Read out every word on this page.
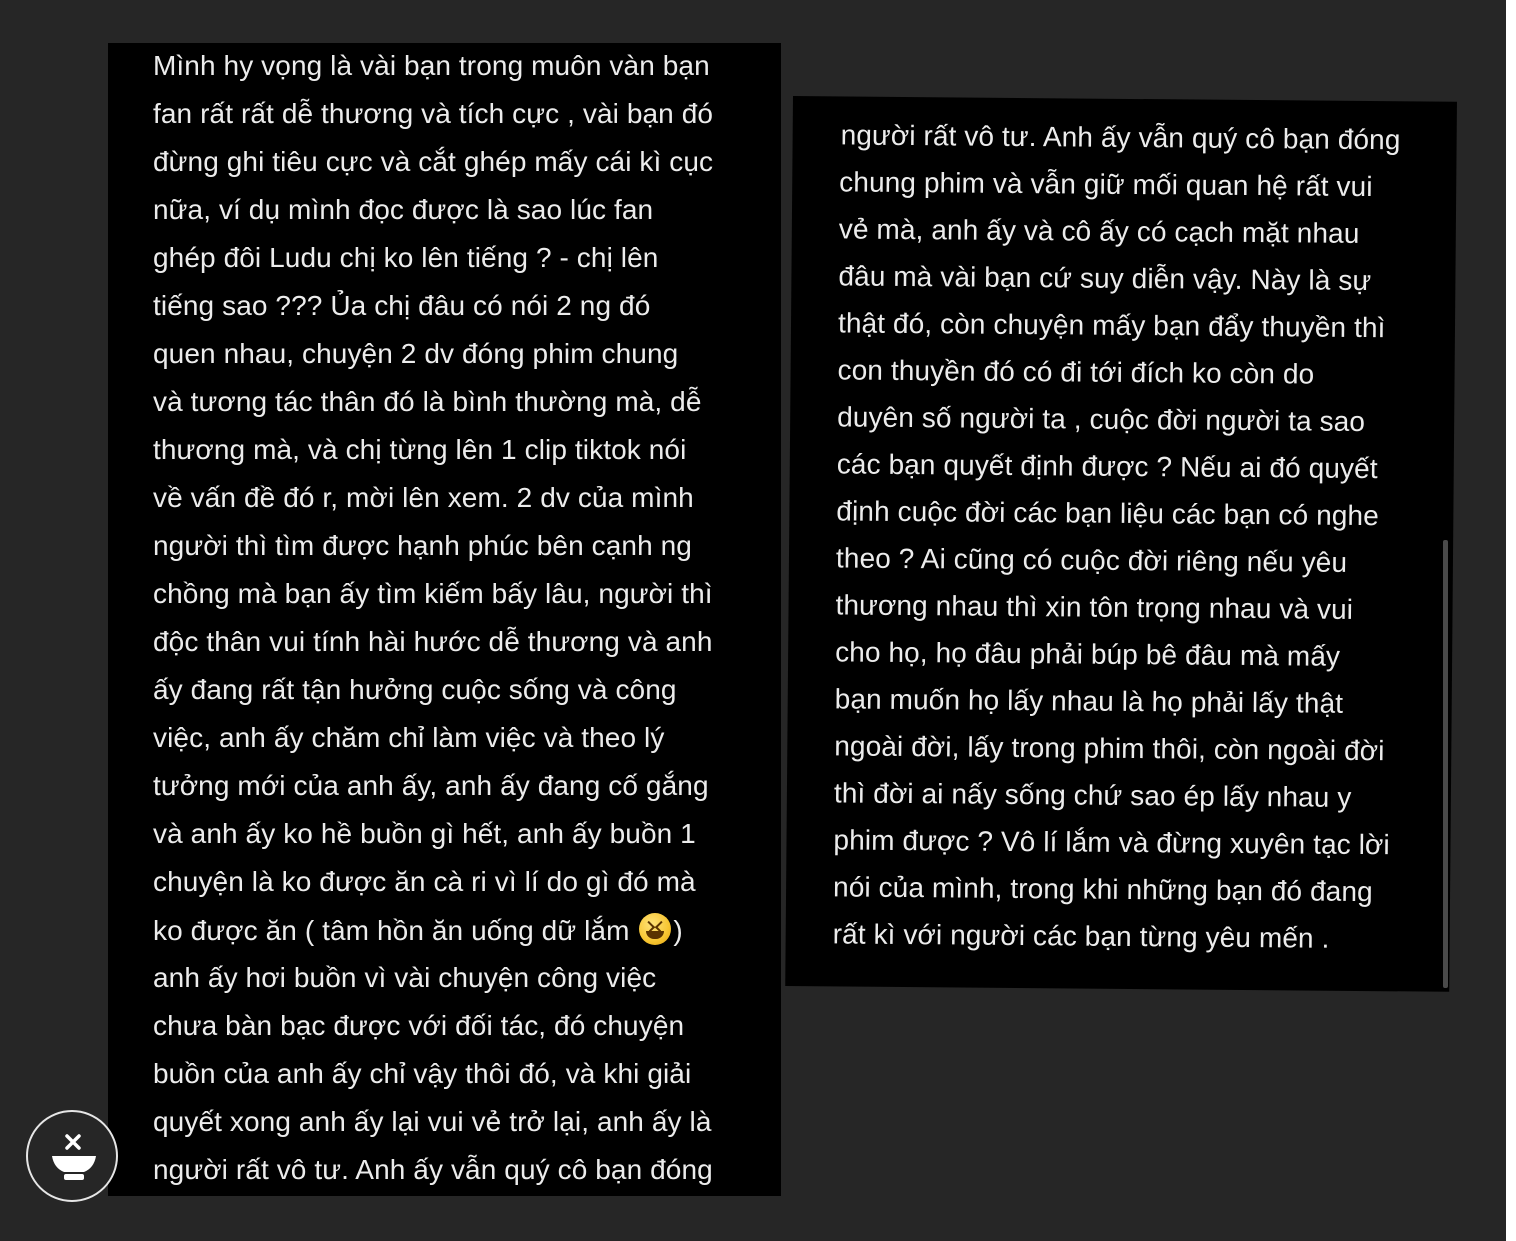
Mình hy vọng là vài bạn trong muôn vàn bạn
fan rất rất dễ thương và tích cực , vài bạn đó
đừng ghi tiêu cực và cắt ghép mấy cái kì cục
nữa, ví dụ mình đọc được là sao lúc fan
ghép đôi Ludu chị ko lên tiếng ? - chị lên
tiếng sao ??? Ủa chị đâu có nói 2 ng đó
quen nhau, chuyện 2 dv đóng phim chung
và tương tác thân đó là bình thường mà, dễ
thương mà, và chị từng lên 1 clip tiktok nói
về vấn đề đó r, mời lên xem. 2 dv của mình
người thì tìm được hạnh phúc bên cạnh ng
chồng mà bạn ấy tìm kiếm bấy lâu, người thì
độc thân vui tính hài hước dễ thương và anh
ấy đang rất tận hưởng cuộc sống và công
việc, anh ấy chăm chỉ làm việc và theo lý
tưởng mới của anh ấy, anh ấy đang cố gắng
và anh ấy ko hề buồn gì hết, anh ấy buồn 1
chuyện là ko được ăn cà ri vì lí do gì đó mà
ko được ăn ( tâm hồn ăn uống dữ lắm )
anh ấy hơi buồn vì vài chuyện công việc
chưa bàn bạc được với đối tác, đó chuyện
buồn của anh ấy chỉ vậy thôi đó, và khi giải
quyết xong anh ấy lại vui vẻ trở lại, anh ấy là
người rất vô tư. Anh ấy vẫn quý cô bạn đóng
người rất vô tư. Anh ấy vẫn quý cô bạn đóng
chung phim và vẫn giữ mối quan hệ rất vui
vẻ mà, anh ấy và cô ấy có cạch mặt nhau
đâu mà vài bạn cứ suy diễn vậy. Này là sự
thật đó, còn chuyện mấy bạn đẩy thuyền thì
con thuyền đó có đi tới đích ko còn do
duyên số người ta , cuộc đời người ta sao
các bạn quyết định được ? Nếu ai đó quyết
định cuộc đời các bạn liệu các bạn có nghe
theo ? Ai cũng có cuộc đời riêng nếu yêu
thương nhau thì xin tôn trọng nhau và vui
cho họ, họ đâu phải búp bê đâu mà mấy
bạn muốn họ lấy nhau là họ phải lấy thật
ngoài đời, lấy trong phim thôi, còn ngoài đời
thì đời ai nấy sống chứ sao ép lấy nhau y
phim được ? Vô lí lắm và đừng xuyên tạc lời
nói của mình, trong khi những bạn đó đang
rất kì với người các bạn từng yêu mến .
